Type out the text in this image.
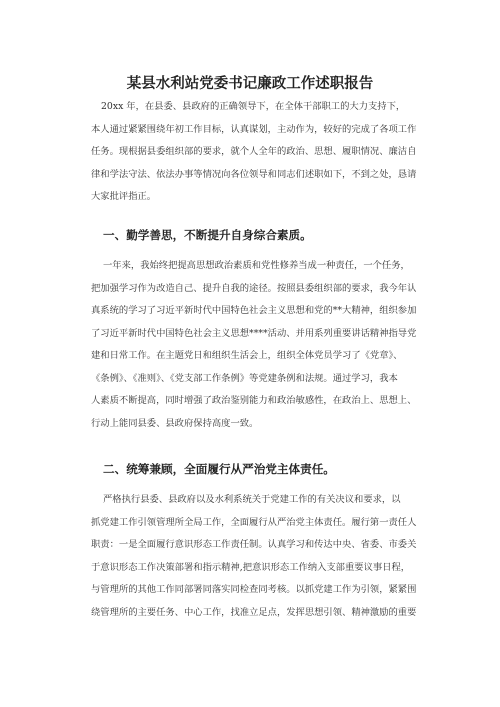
某县水利站党委书记廉政工作述职报告
20xx 年，在县委、县政府的正确领导下，在全体干部职工的大力支持下，
本人通过紧紧围绕年初工作目标，认真谋划，主动作为，较好的完成了各项工作
任务。现根据县委组织部的要求，就个人全年的政治、思想、履职情况、廉洁自
律和学法守法、依法办事等情况向各位领导和同志们述职如下，不到之处，恳请
大家批评指正。
一、勤学善思，不断提升自身综合素质。
一年来，我始终把提高思想政治素质和党性修养当成一种责任，一个任务，
把加强学习作为改造自己、提升自我的途径。按照县委组织部的要求，我今年认
真系统的学习了习近平新时代中国特色社会主义思想和党的**大精神，组织参加
了习近平新时代中国特色社会主义思想****活动、并用系列重要讲话精神指导党
建和日常工作。在主题党日和组织生活会上，组织全体党员学习了《党章》、
《条例》、《准则》、《党支部工作条例》等党建条例和法规。通过学习，我本
人素质不断提高，同时增强了政治鉴别能力和政治敏感性，在政治上、思想上、
行动上能同县委、县政府保持高度一致。
二、统筹兼顾，全面履行从严治党主体责任。
严格执行县委、县政府以及水利系统关于党建工作的有关决议和要求，以
抓党建工作引领管理所全局工作，全面履行从严治党主体责任。履行第一责任人
职责：一是全面履行意识形态工作责任制。认真学习和传达中央、省委、市委关
于意识形态工作决策部署和指示精神,把意识形态工作纳入支部重要议事日程，
与管理所的其他工作同部署同落实同检查同考核。以抓党建工作为引领，紧紧围
绕管理所的主要任务、中心工作，找准立足点，发挥思想引领、精神激励的重要
